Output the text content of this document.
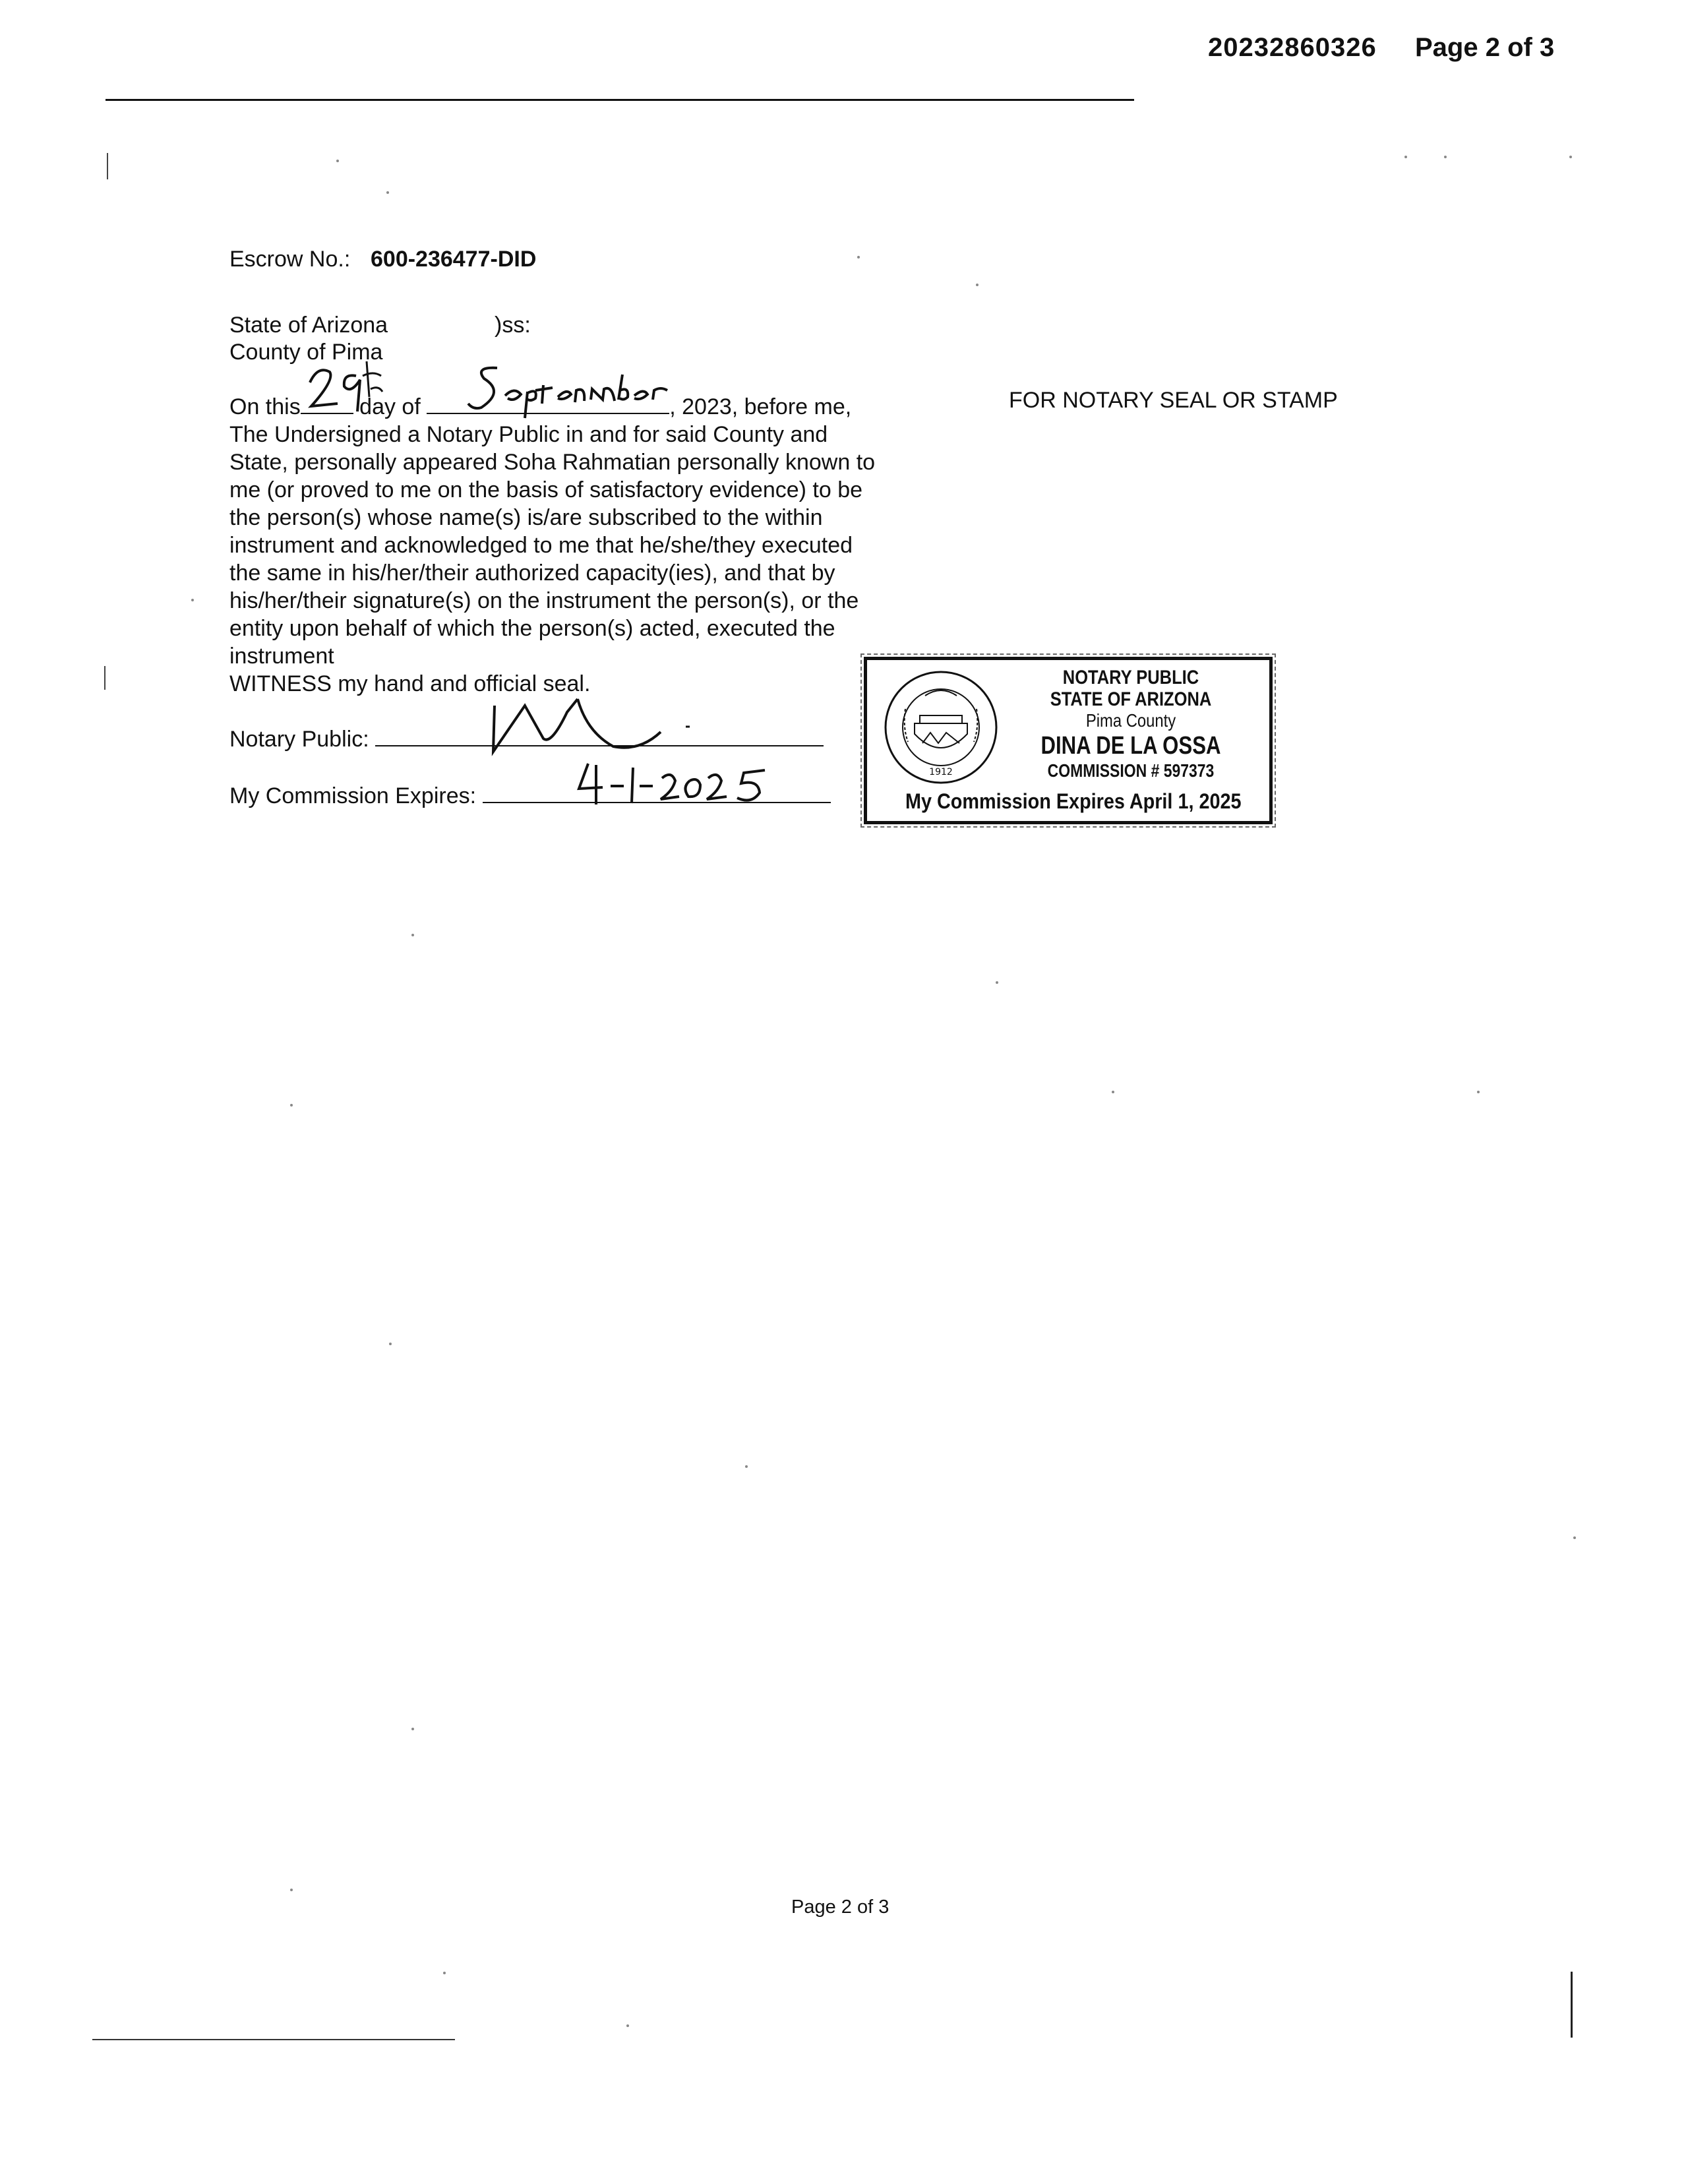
20232860326 Page 2 of 3
Escrow No.: 600-236477-DID
State of Arizona	)ss:
County of Pima
On this	day of	, 2023, before me,
The Undersigned a Notary Public in and for said County and
State, personally appeared Soha Rahmatian personally known to
me (or proved to me on the basis of satisfactory evidence) to be
the person(s) whose name(s) is/are subscribed to the within
instrument and acknowledged to me that he/she/they executed
the same in his/her/their authorized capacity(ies), and that by
his/her/their signature(s) on the instrument the person(s), or the
entity upon behalf of which the person(s) acted, executed the
instrument
WITNESS my hand and official seal.
Notary Public:
My Commission Expires:
FOR NOTARY SEAL OR STAMP
1912
NOTARY PUBLIC
STATE OF ARIZONA
Pima County
DINA DE LA OSSA
COMMISSION # 597373
My Commission Expires April 1, 2025
Page 2 of 3
